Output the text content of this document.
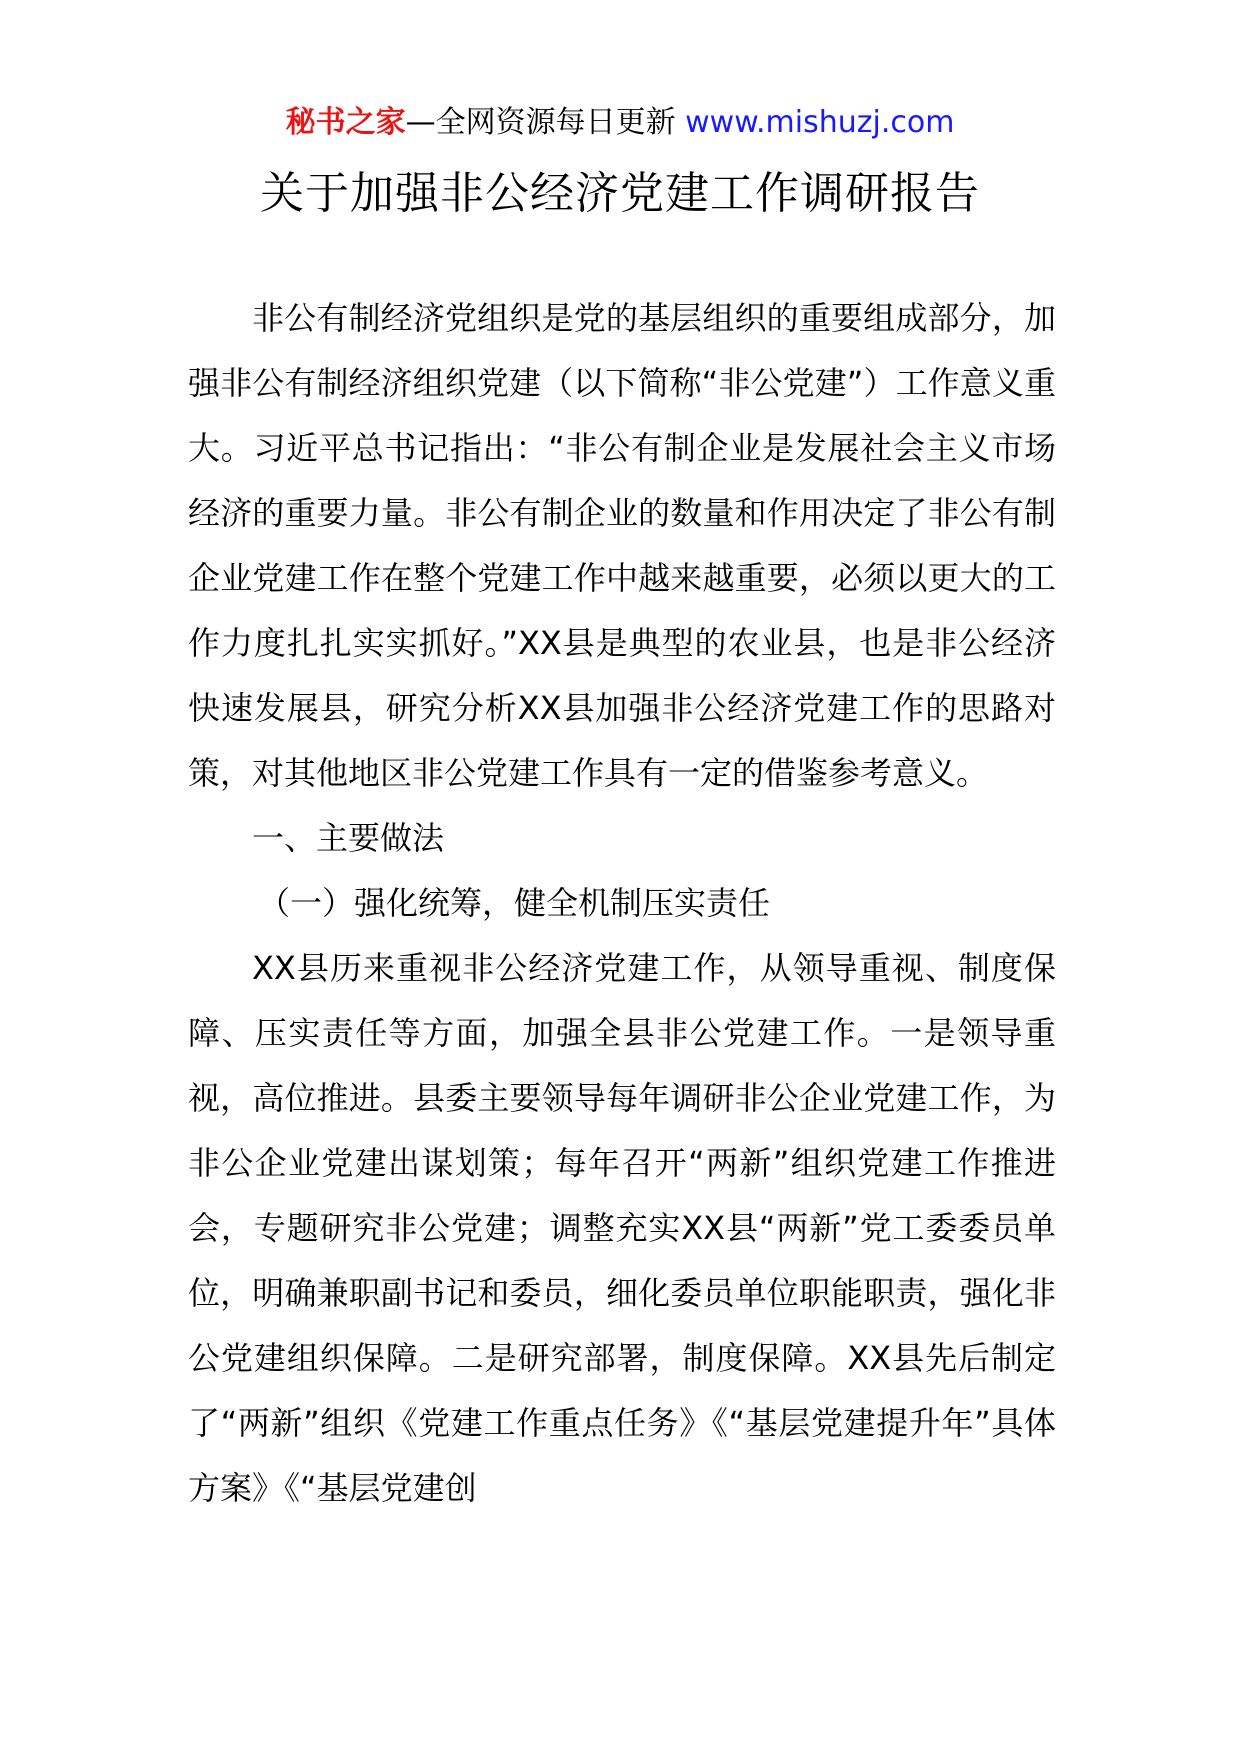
秘书之家—全网资源每日更新 www.mishuzj.com
关于加强非公经济党建工作调研报告

非公有制经济党组织是党的基层组织的重要组成部分，加强非公有制经济组织党建（以下简称“非公党建”）工作意义重大。习近平总书记指出：“非公有制企业是发展社会主义市场经济的重要力量。非公有制企业的数量和作用决定了非公有制企业党建工作在整个党建工作中越来越重要，必须以更大的工作力度扎扎实实抓好。”XX县是典型的农业县，也是非公经济快速发展县，研究分析XX县加强非公经济党建工作的思路对策，对其他地区非公党建工作具有一定的借鉴参考意义。

一、主要做法

（一）强化统筹，健全机制压实责任

XX县历来重视非公经济党建工作，从领导重视、制度保障、压实责任等方面，加强全县非公党建工作。一是领导重视，高位推进。县委主要领导每年调研非公企业党建工作，为非公企业党建出谋划策；每年召开“两新”组织党建工作推进会，专题研究非公党建；调整充实XX县“两新”党工委委员单位，明确兼职副书记和委员，细化委员单位职能职责，强化非公党建组织保障。二是研究部署，制度保障。XX县先后制定了“两新”组织《党建工作重点任务》《“基层党建提升年”具体方案》《“基层党建创
